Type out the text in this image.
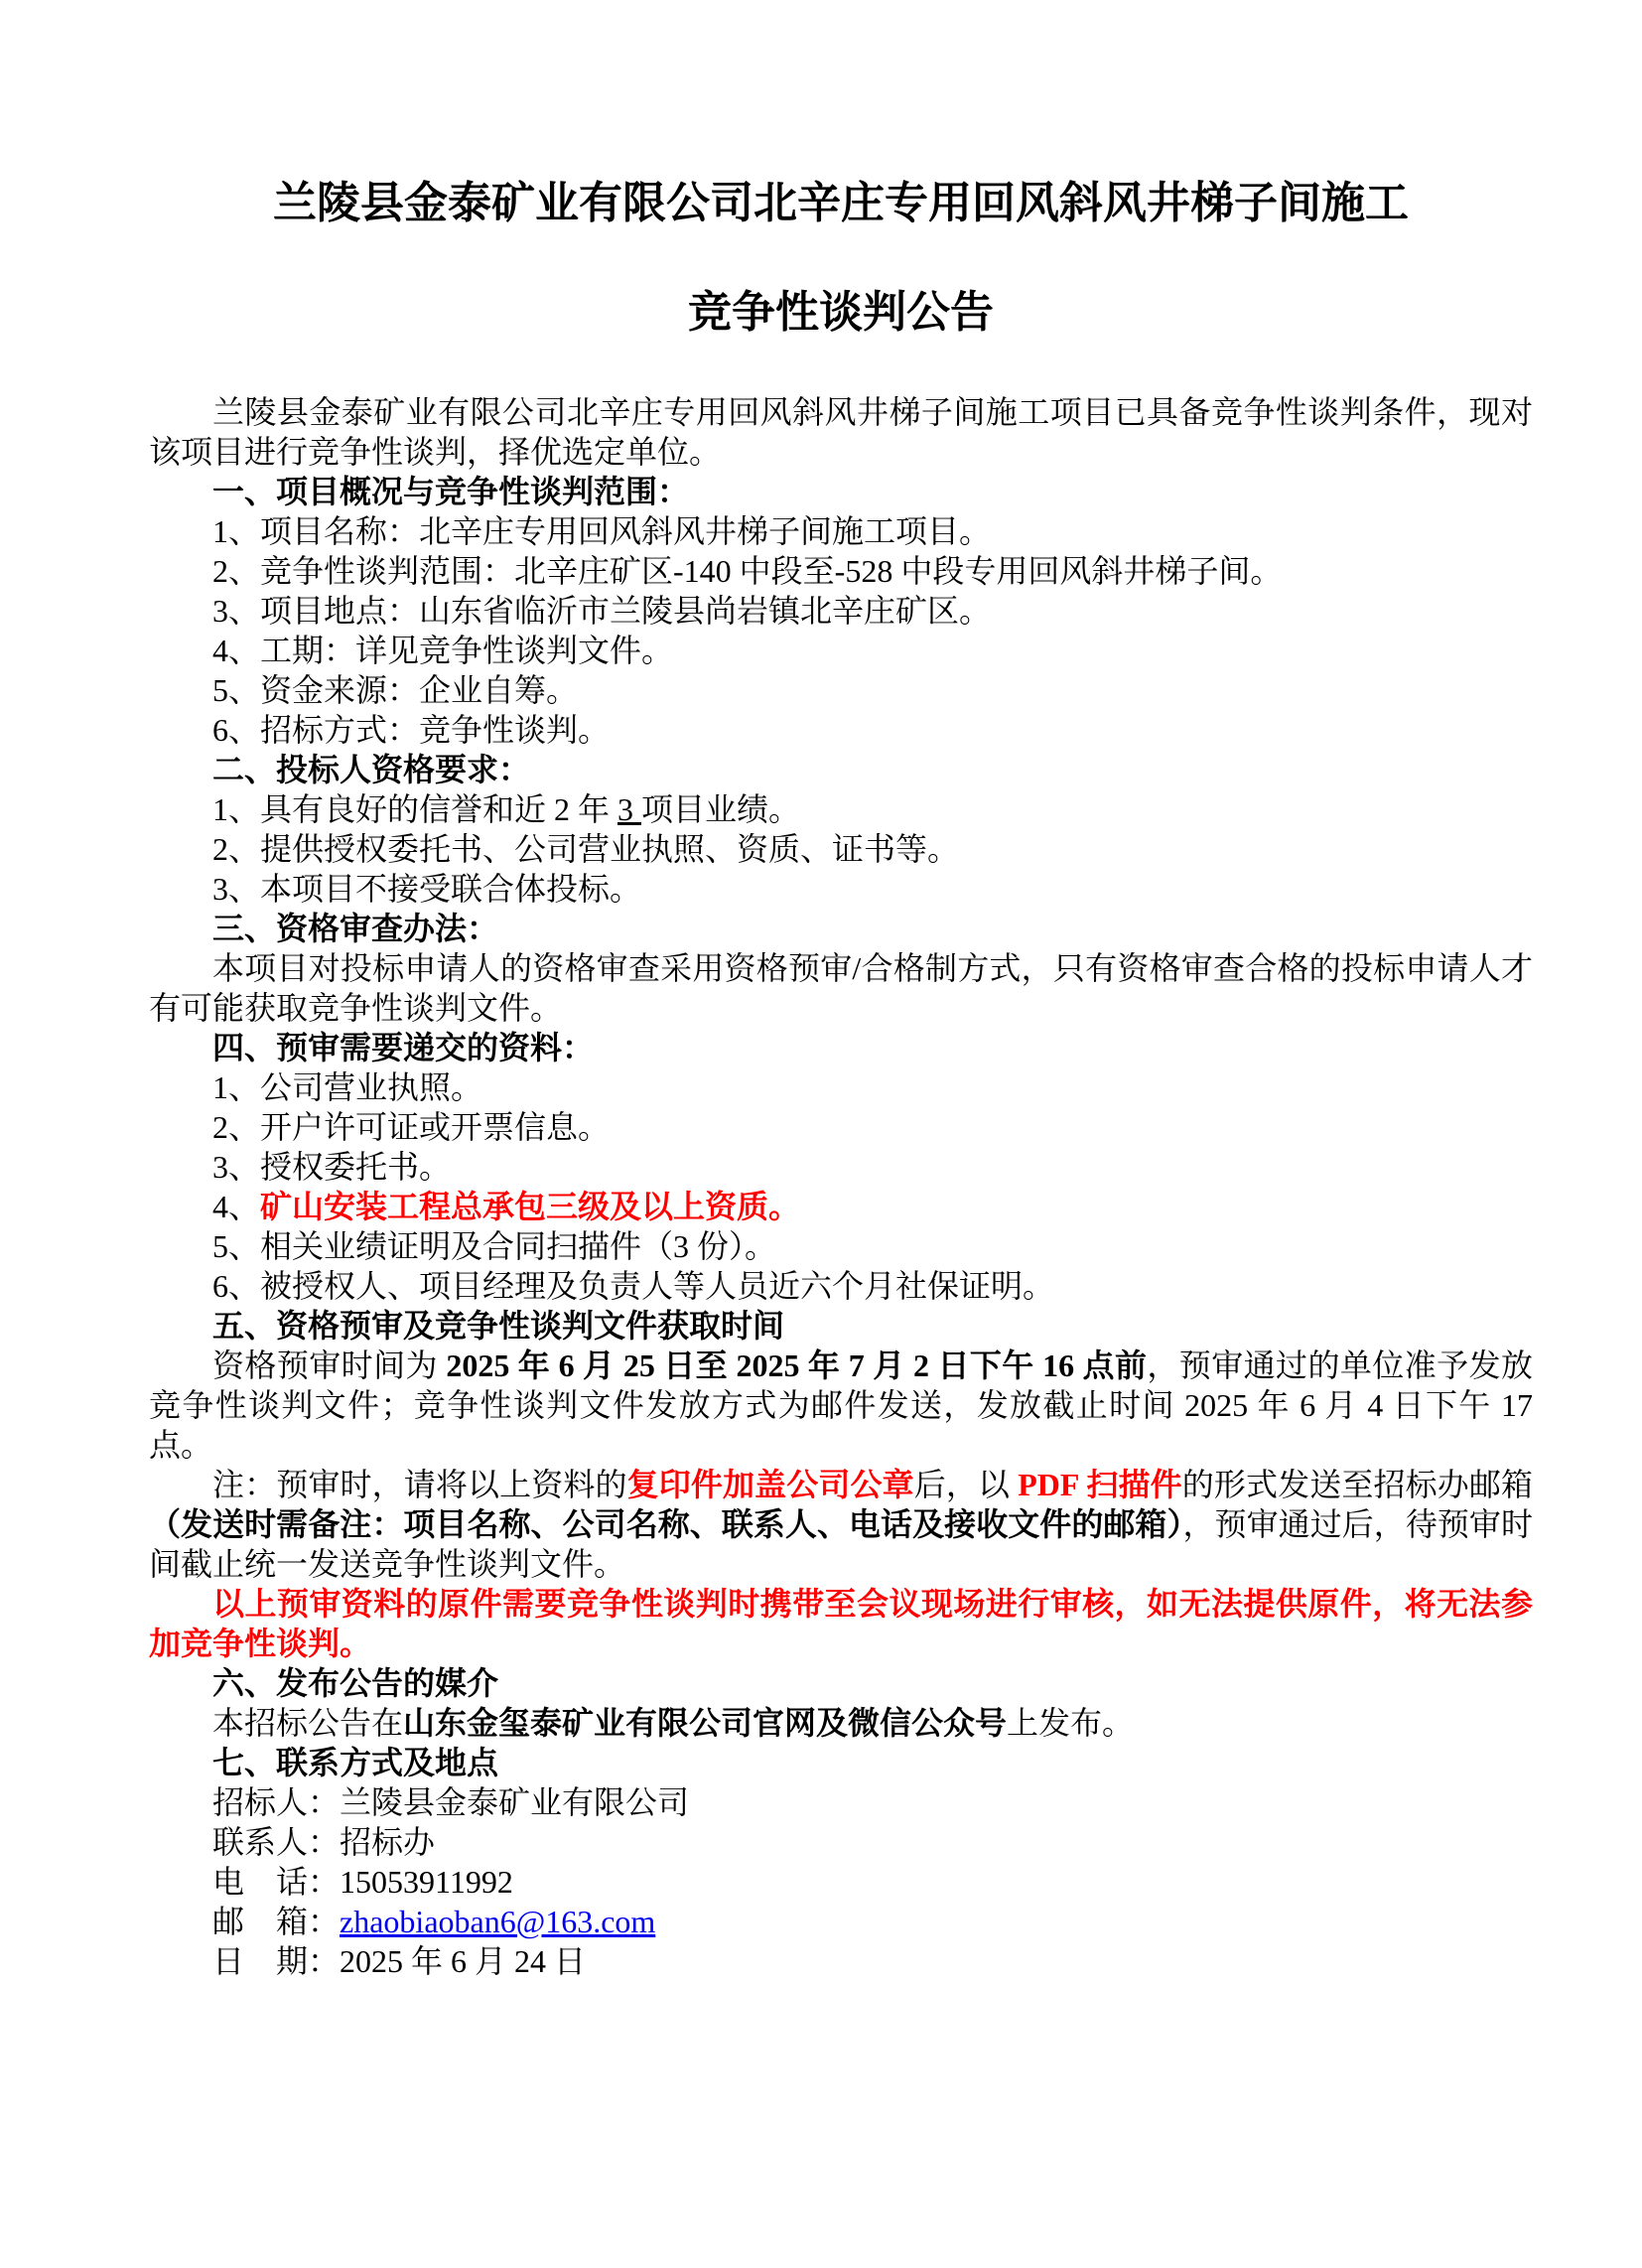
兰陵县金泰矿业有限公司北辛庄专用回风斜风井梯子间施工
竞争性谈判公告

兰陵县金泰矿业有限公司北辛庄专用回风斜风井梯子间施工项目已具备竞争性谈判条件，现对该项目进行竞争性谈判，择优选定单位。

一、项目概况与竞争性谈判范围：

1、项目名称：北辛庄专用回风斜风井梯子间施工项目。

2、竞争性谈判范围：北辛庄矿区-140 中段至-528 中段专用回风斜井梯子间。

3、项目地点：山东省临沂市兰陵县尚岩镇北辛庄矿区。

4、工期：详见竞争性谈判文件。

5、资金来源：企业自筹。

6、招标方式：竞争性谈判。

二、投标人资格要求：

1、具有良好的信誉和近 2 年 3 项目业绩。

2、提供授权委托书、公司营业执照、资质、证书等。

3、本项目不接受联合体投标。

三、资格审查办法：

本项目对投标申请人的资格审查采用资格预审/合格制方式，只有资格审查合格的投标申请人才有可能获取竞争性谈判文件。

四、预审需要递交的资料：

1、公司营业执照。

2、开户许可证或开票信息。

3、授权委托书。

4、矿山安装工程总承包三级及以上资质。

5、相关业绩证明及合同扫描件（3 份）。

6、被授权人、项目经理及负责人等人员近六个月社保证明。

五、资格预审及竞争性谈判文件获取时间

资格预审时间为 2025 年 6 月 25 日至 2025 年 7 月 2 日下午 16 点前，预审通过的单位准予发放竞争性谈判文件；竞争性谈判文件发放方式为邮件发送，发放截止时间 2025 年 6 月 4 日下午 17 点。

注：预审时，请将以上资料的复印件加盖公司公章后，以 PDF 扫描件的形式发送至招标办邮箱（发送时需备注：项目名称、公司名称、联系人、电话及接收文件的邮箱），预审通过后，待预审时间截止统一发送竞争性谈判文件。

以上预审资料的原件需要竞争性谈判时携带至会议现场进行审核，如无法提供原件，将无法参加竞争性谈判。

六、发布公告的媒介

本招标公告在山东金玺泰矿业有限公司官网及微信公众号上发布。

七、联系方式及地点

招标人：兰陵县金泰矿业有限公司

联系人：招标办

电　话：15053911992

邮　箱：zhaobiaoban6@163.com

日　期：2025 年 6 月 24 日
